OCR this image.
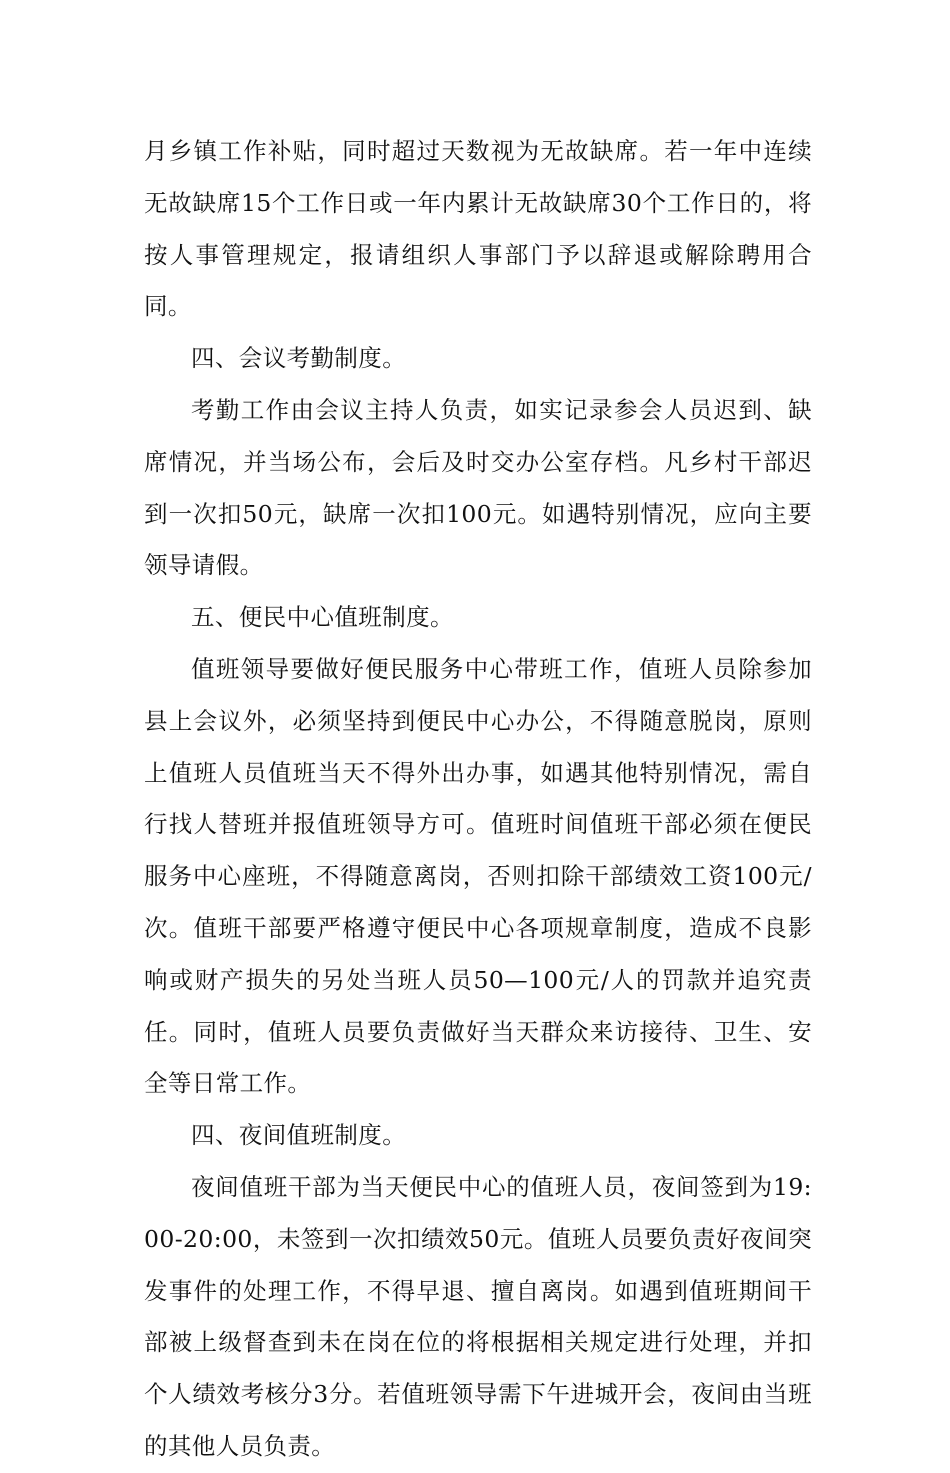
月乡镇工作补贴，同时超过天数视为无故缺席。若一年中连续无故缺席15个工作日或一年内累计无故缺席30个工作日的，将按人事管理规定，报请组织人事部门予以辞退或解除聘用合同。

四、会议考勤制度。

考勤工作由会议主持人负责，如实记录参会人员迟到、缺席情况，并当场公布，会后及时交办公室存档。凡乡村干部迟到一次扣50元，缺席一次扣100元。如遇特别情况，应向主要领导请假。

五、便民中心值班制度。

值班领导要做好便民服务中心带班工作，值班人员除参加县上会议外，必须坚持到便民中心办公，不得随意脱岗，原则上值班人员值班当天不得外出办事，如遇其他特别情况，需自行找人替班并报值班领导方可。值班时间值班干部必须在便民服务中心座班，不得随意离岗，否则扣除干部绩效工资100元/次。值班干部要严格遵守便民中心各项规章制度，造成不良影响或财产损失的另处当班人员50—100元/人的罚款并追究责任。同时，值班人员要负责做好当天群众来访接待、卫生、安全等日常工作。

四、夜间值班制度。

夜间值班干部为当天便民中心的值班人员，夜间签到为19:00-20:00，未签到一次扣绩效50元。值班人员要负责好夜间突发事件的处理工作，不得早退、擅自离岗。如遇到值班期间干部被上级督查到未在岗在位的将根据相关规定进行处理，并扣个人绩效考核分3分。若值班领导需下午进城开会，夜间由当班的其他人员负责。
